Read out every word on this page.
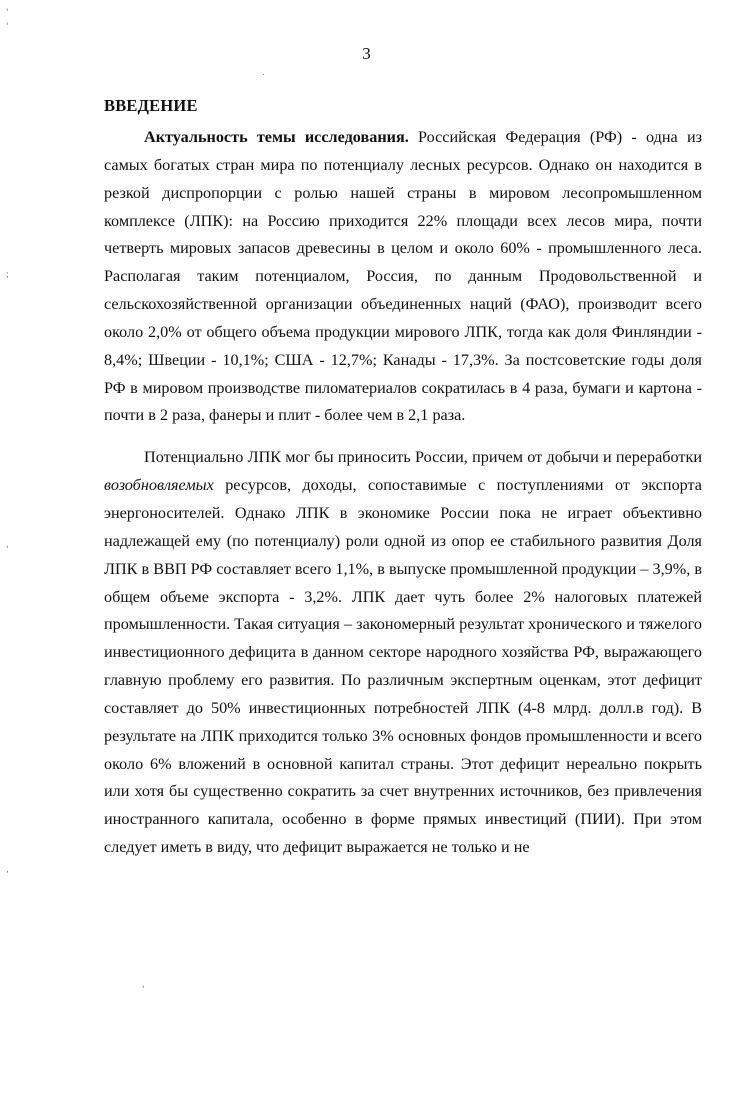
3

ВВЕДЕНИЕ

Актуальность темы исследования. Российская Федерация (РФ) - одна из самых богатых стран мира по потенциалу лесных ресурсов. Однако он находится в резкой диспропорции с ролью нашей страны в мировом лесопромышленном комплексе (ЛПК): на Россию приходится 22% площади всех лесов мира, почти четверть мировых запасов древесины в целом и около 60% - промышленного леса. Располагая таким потенциалом, Россия, по данным Продовольственной и сельскохозяйственной организации объединенных наций (ФАО), производит всего около 2,0% от общего объема продукции мирового ЛПК, тогда как доля Финляндии - 8,4%; Швеции - 10,1%; США - 12,7%; Канады - 17,3%. За постсоветские годы доля РФ в мировом производстве пиломатериалов сократилась в 4 раза, бумаги и картона - почти в 2 раза, фанеры и плит - более чем в 2,1 раза.

Потенциально ЛПК мог бы приносить России, причем от добычи и переработки возобновляемых ресурсов, доходы, сопоставимые с поступлениями от экспорта энергоносителей. Однако ЛПК в экономике России пока не играет объективно надлежащей ему (по потенциалу) роли одной из опор ее стабильного развития Доля ЛПК в ВВП РФ составляет всего 1,1%, в выпуске промышленной продукции – 3,9%, в общем объеме экспорта - 3,2%. ЛПК дает чуть более 2% налоговых платежей промышленности. Такая ситуация – закономерный результат хронического и тяжелого инвестиционного дефицита в данном секторе народного хозяйства РФ, выражающего главную проблему его развития. По различным экспертным оценкам, этот дефицит составляет до 50% инвестиционных потребностей ЛПК (4-8 млрд. долл.в год). В результате на ЛПК приходится только 3% основных фондов промышленности и всего около 6% вложений в основной капитал страны. Этот дефицит нереально покрыть или хотя бы существенно сократить за счет внутренних источников, без привлечения иностранного капитала, особенно в форме прямых инвестиций (ПИИ). При этом следует иметь в виду, что дефицит выражается не только и не

'
'
;
'
,
.
,
